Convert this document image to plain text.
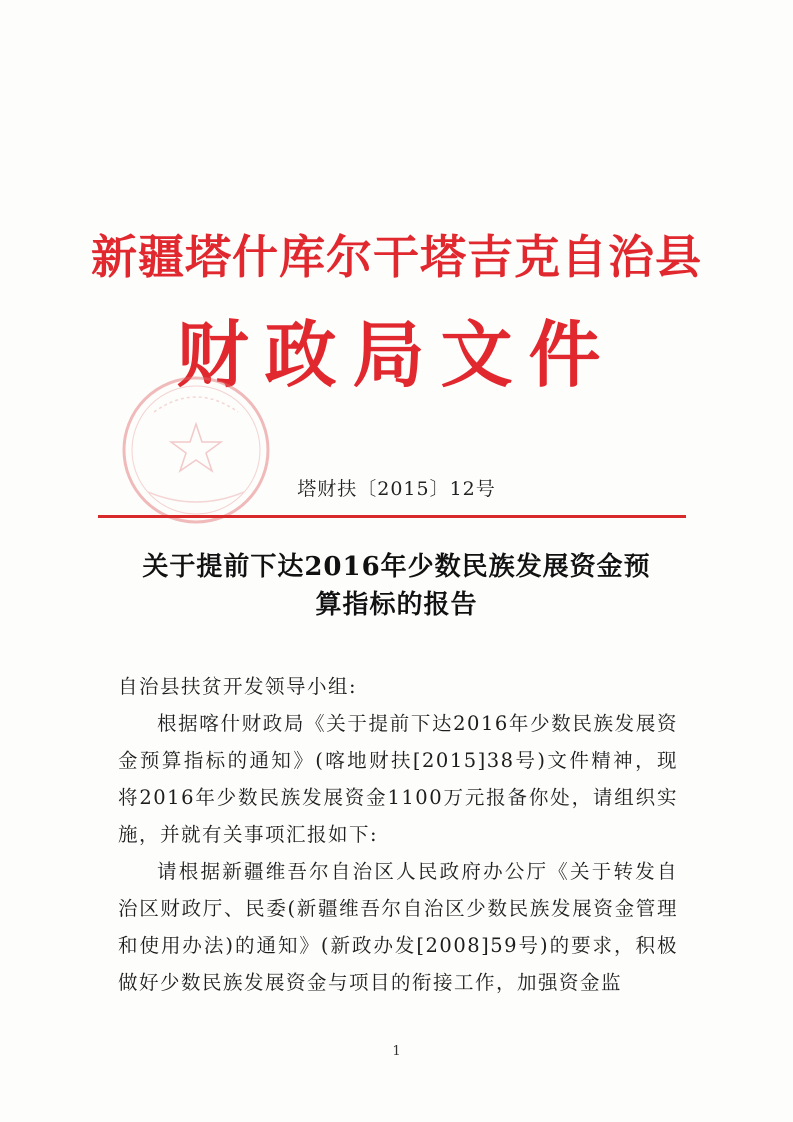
新疆塔什库尔干塔吉克自治县
财政局文件
塔财扶〔2015〕12号
关于提前下达2016年少数民族发展资金预
算指标的报告

自治县扶贫开发领导小组:

根据喀什财政局《关于提前下达2016年少数民族发展资金预算指标的通知》(喀地财扶[2015]38号)文件精神，现将2016年少数民族发展资金1100万元报备你处，请组织实施，并就有关事项汇报如下:

请根据新疆维吾尔自治区人民政府办公厅《关于转发自治区财政厅、民委(新疆维吾尔自治区少数民族发展资金管理和使用办法)的通知》(新政办发[2008]59号)的要求，积极做好少数民族发展资金与项目的衔接工作，加强资金监

1
